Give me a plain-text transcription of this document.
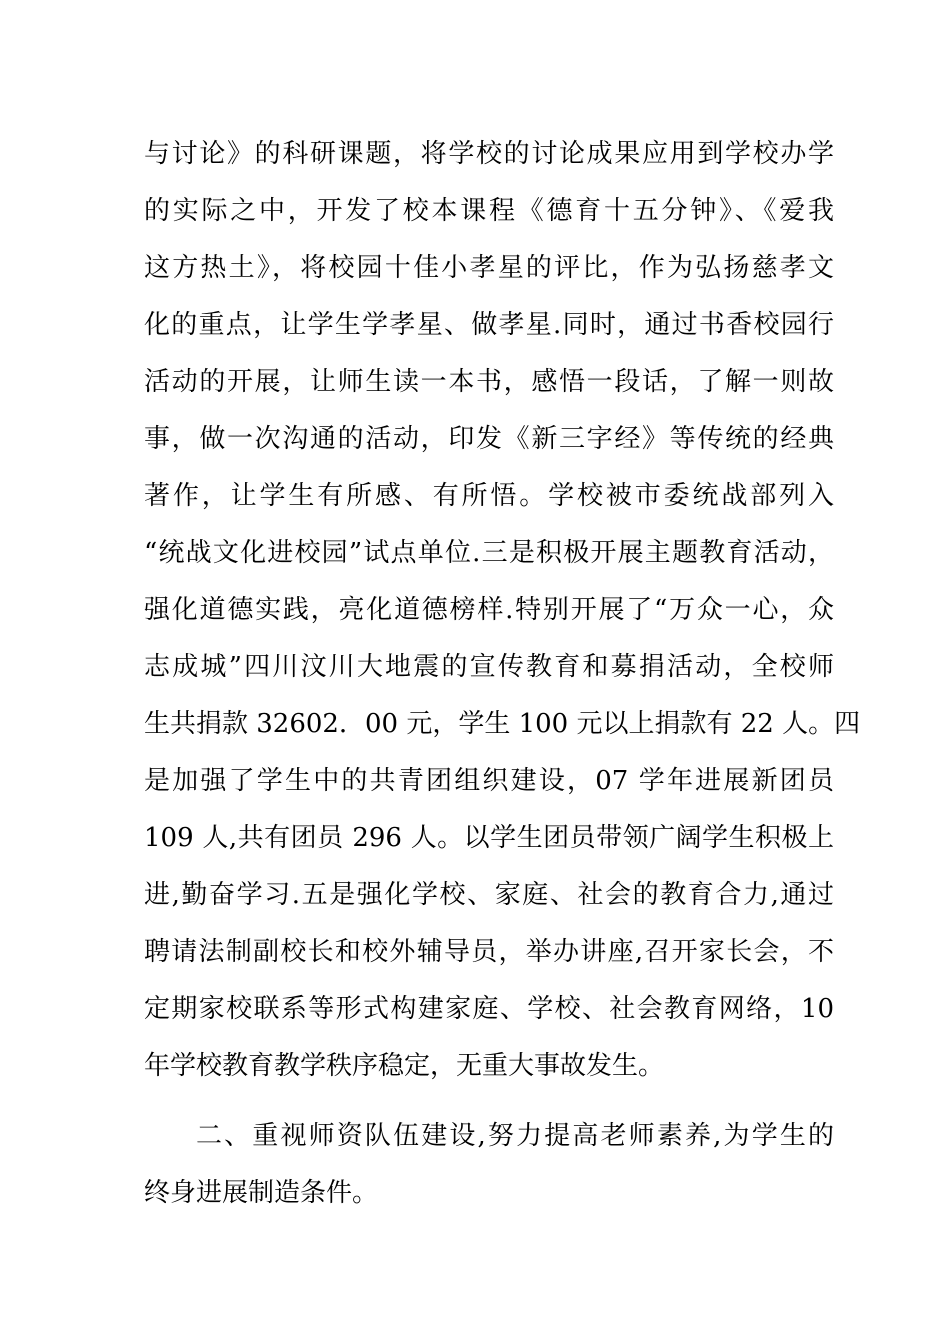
与讨论》的科研课题，将学校的讨论成果应用到学校办学
的实际之中，开发了校本课程《德育十五分钟》、《爱我
这方热土》，将校园十佳小孝星的评比，作为弘扬慈孝文
化的重点，让学生学孝星、做孝星.同时，通过书香校园行
活动的开展，让师生读一本书，感悟一段话，了解一则故
事，做一次沟通的活动，印发《新三字经》等传统的经典
著作，让学生有所感、有所悟。学校被市委统战部列入
“统战文化进校园”试点单位.三是积极开展主题教育活动，
强化道德实践，亮化道德榜样.特别开展了“万众一心，众
志成城”四川汶川大地震的宣传教育和募捐活动，全校师
生共捐款 32602．00 元，学生 100 元以上捐款有 22 人。四
是加强了学生中的共青团组织建设，07 学年进展新团员
109 人,共有团员 296 人。以学生团员带领广阔学生积极上
进,勤奋学习.五是强化学校、家庭、社会的教育合力,通过
聘请法制副校长和校外辅导员，举办讲座,召开家长会，不
定期家校联系等形式构建家庭、学校、社会教育网络，10
年学校教育教学秩序稳定，无重大事故发生。
二、重视师资队伍建设,努力提高老师素养,为学生的
终身进展制造条件。
